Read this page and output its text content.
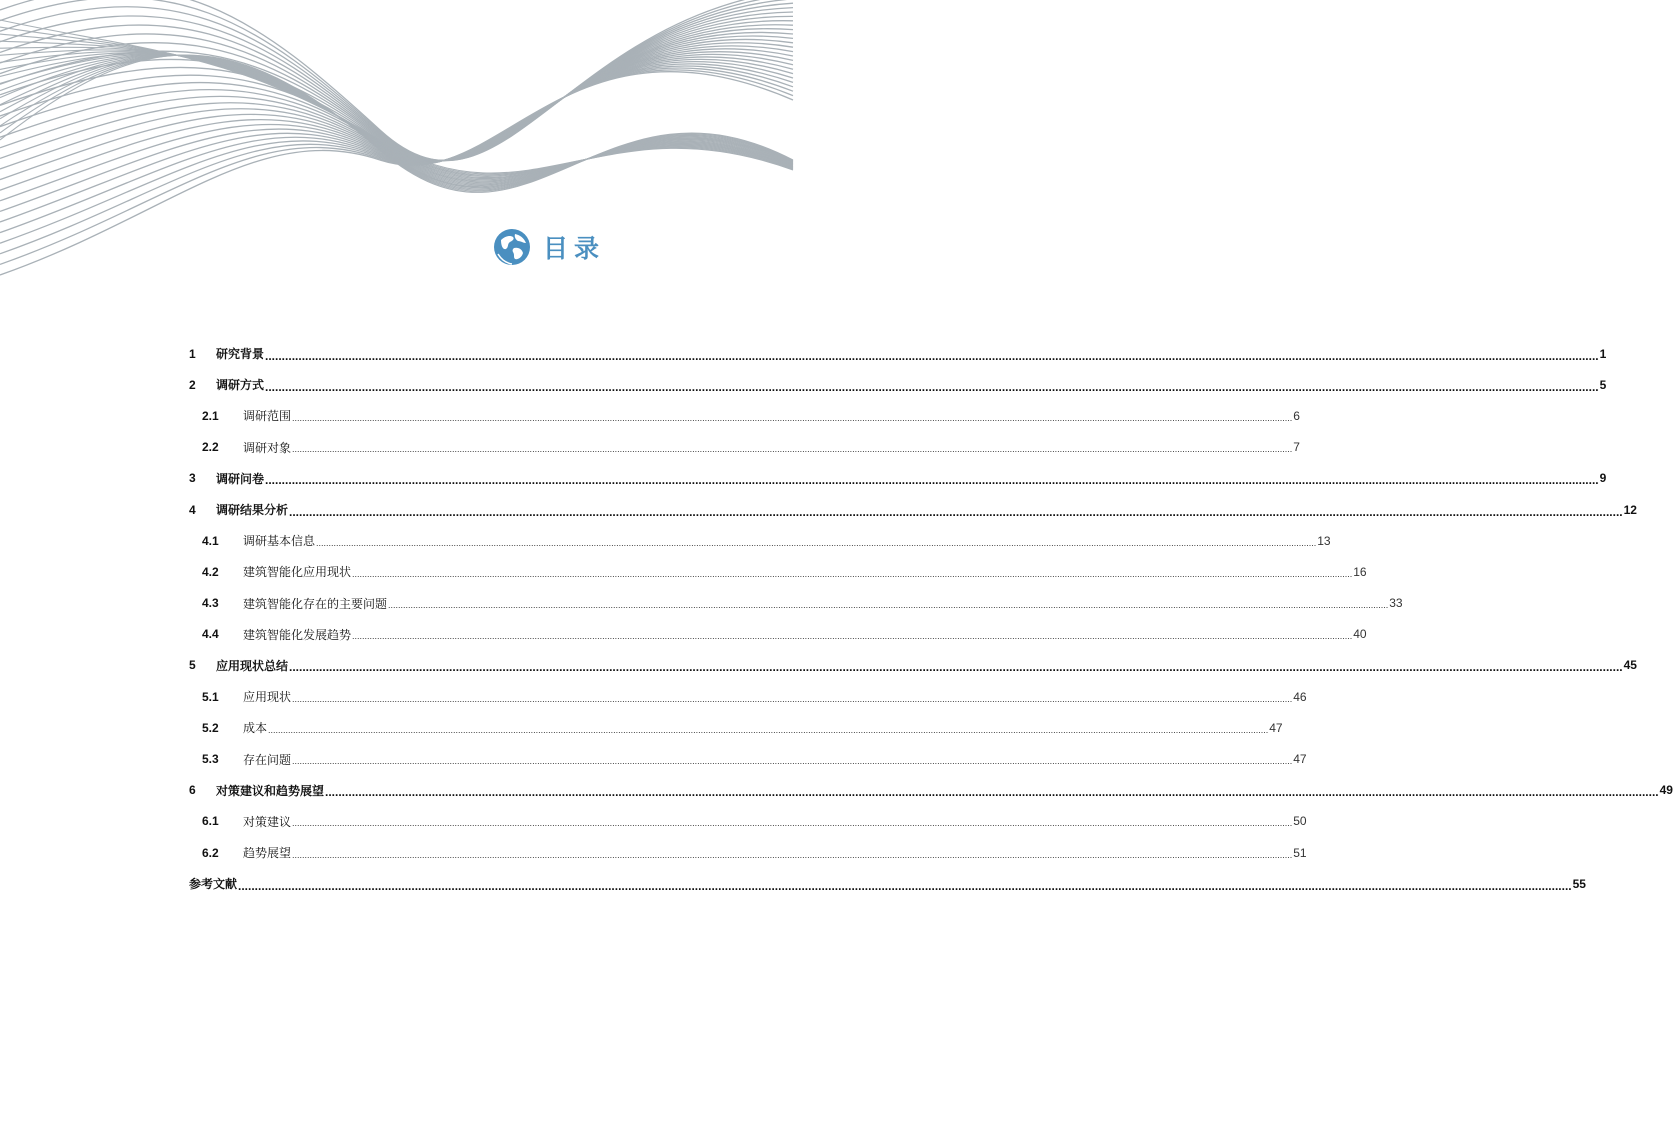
目录
1	研究背景 ................................................................................................................................................................................................................................................................................................................................................................................................................ 1
2	调研方式 ................................................................................................................................................................................................................................................................................................................................................................................................................ 5
2.1	调研范围 ................................................................................................................................................................................................................................................................................................................................................................................................................ 6
2.2	调研对象 ................................................................................................................................................................................................................................................................................................................................................................................................................ 7
3	调研问卷 ................................................................................................................................................................................................................................................................................................................................................................................................................ 9
4	调研结果分析 ................................................................................................................................................................................................................................................................................................................................................................................................................ 12
4.1	调研基本信息 ................................................................................................................................................................................................................................................................................................................................................................................................................ 13
4.2	建筑智能化应用现状 ................................................................................................................................................................................................................................................................................................................................................................................................................ 16
4.3	建筑智能化存在的主要问题 ................................................................................................................................................................................................................................................................................................................................................................................................................ 33
4.4	建筑智能化发展趋势 ................................................................................................................................................................................................................................................................................................................................................................................................................ 40
5	应用现状总结 ................................................................................................................................................................................................................................................................................................................................................................................................................ 45
5.1	应用现状 ................................................................................................................................................................................................................................................................................................................................................................................................................ 46
5.2	成本 ................................................................................................................................................................................................................................................................................................................................................................................................................ 47
5.3	存在问题 ................................................................................................................................................................................................................................................................................................................................................................................................................ 47
6	对策建议和趋势展望 ................................................................................................................................................................................................................................................................................................................................................................................................................ 49
6.1	对策建议 ................................................................................................................................................................................................................................................................................................................................................................................................................ 50
6.2	趋势展望 ................................................................................................................................................................................................................................................................................................................................................................................................................ 51
参考文献 ................................................................................................................................................................................................................................................................................................................................................................................................................ 55
